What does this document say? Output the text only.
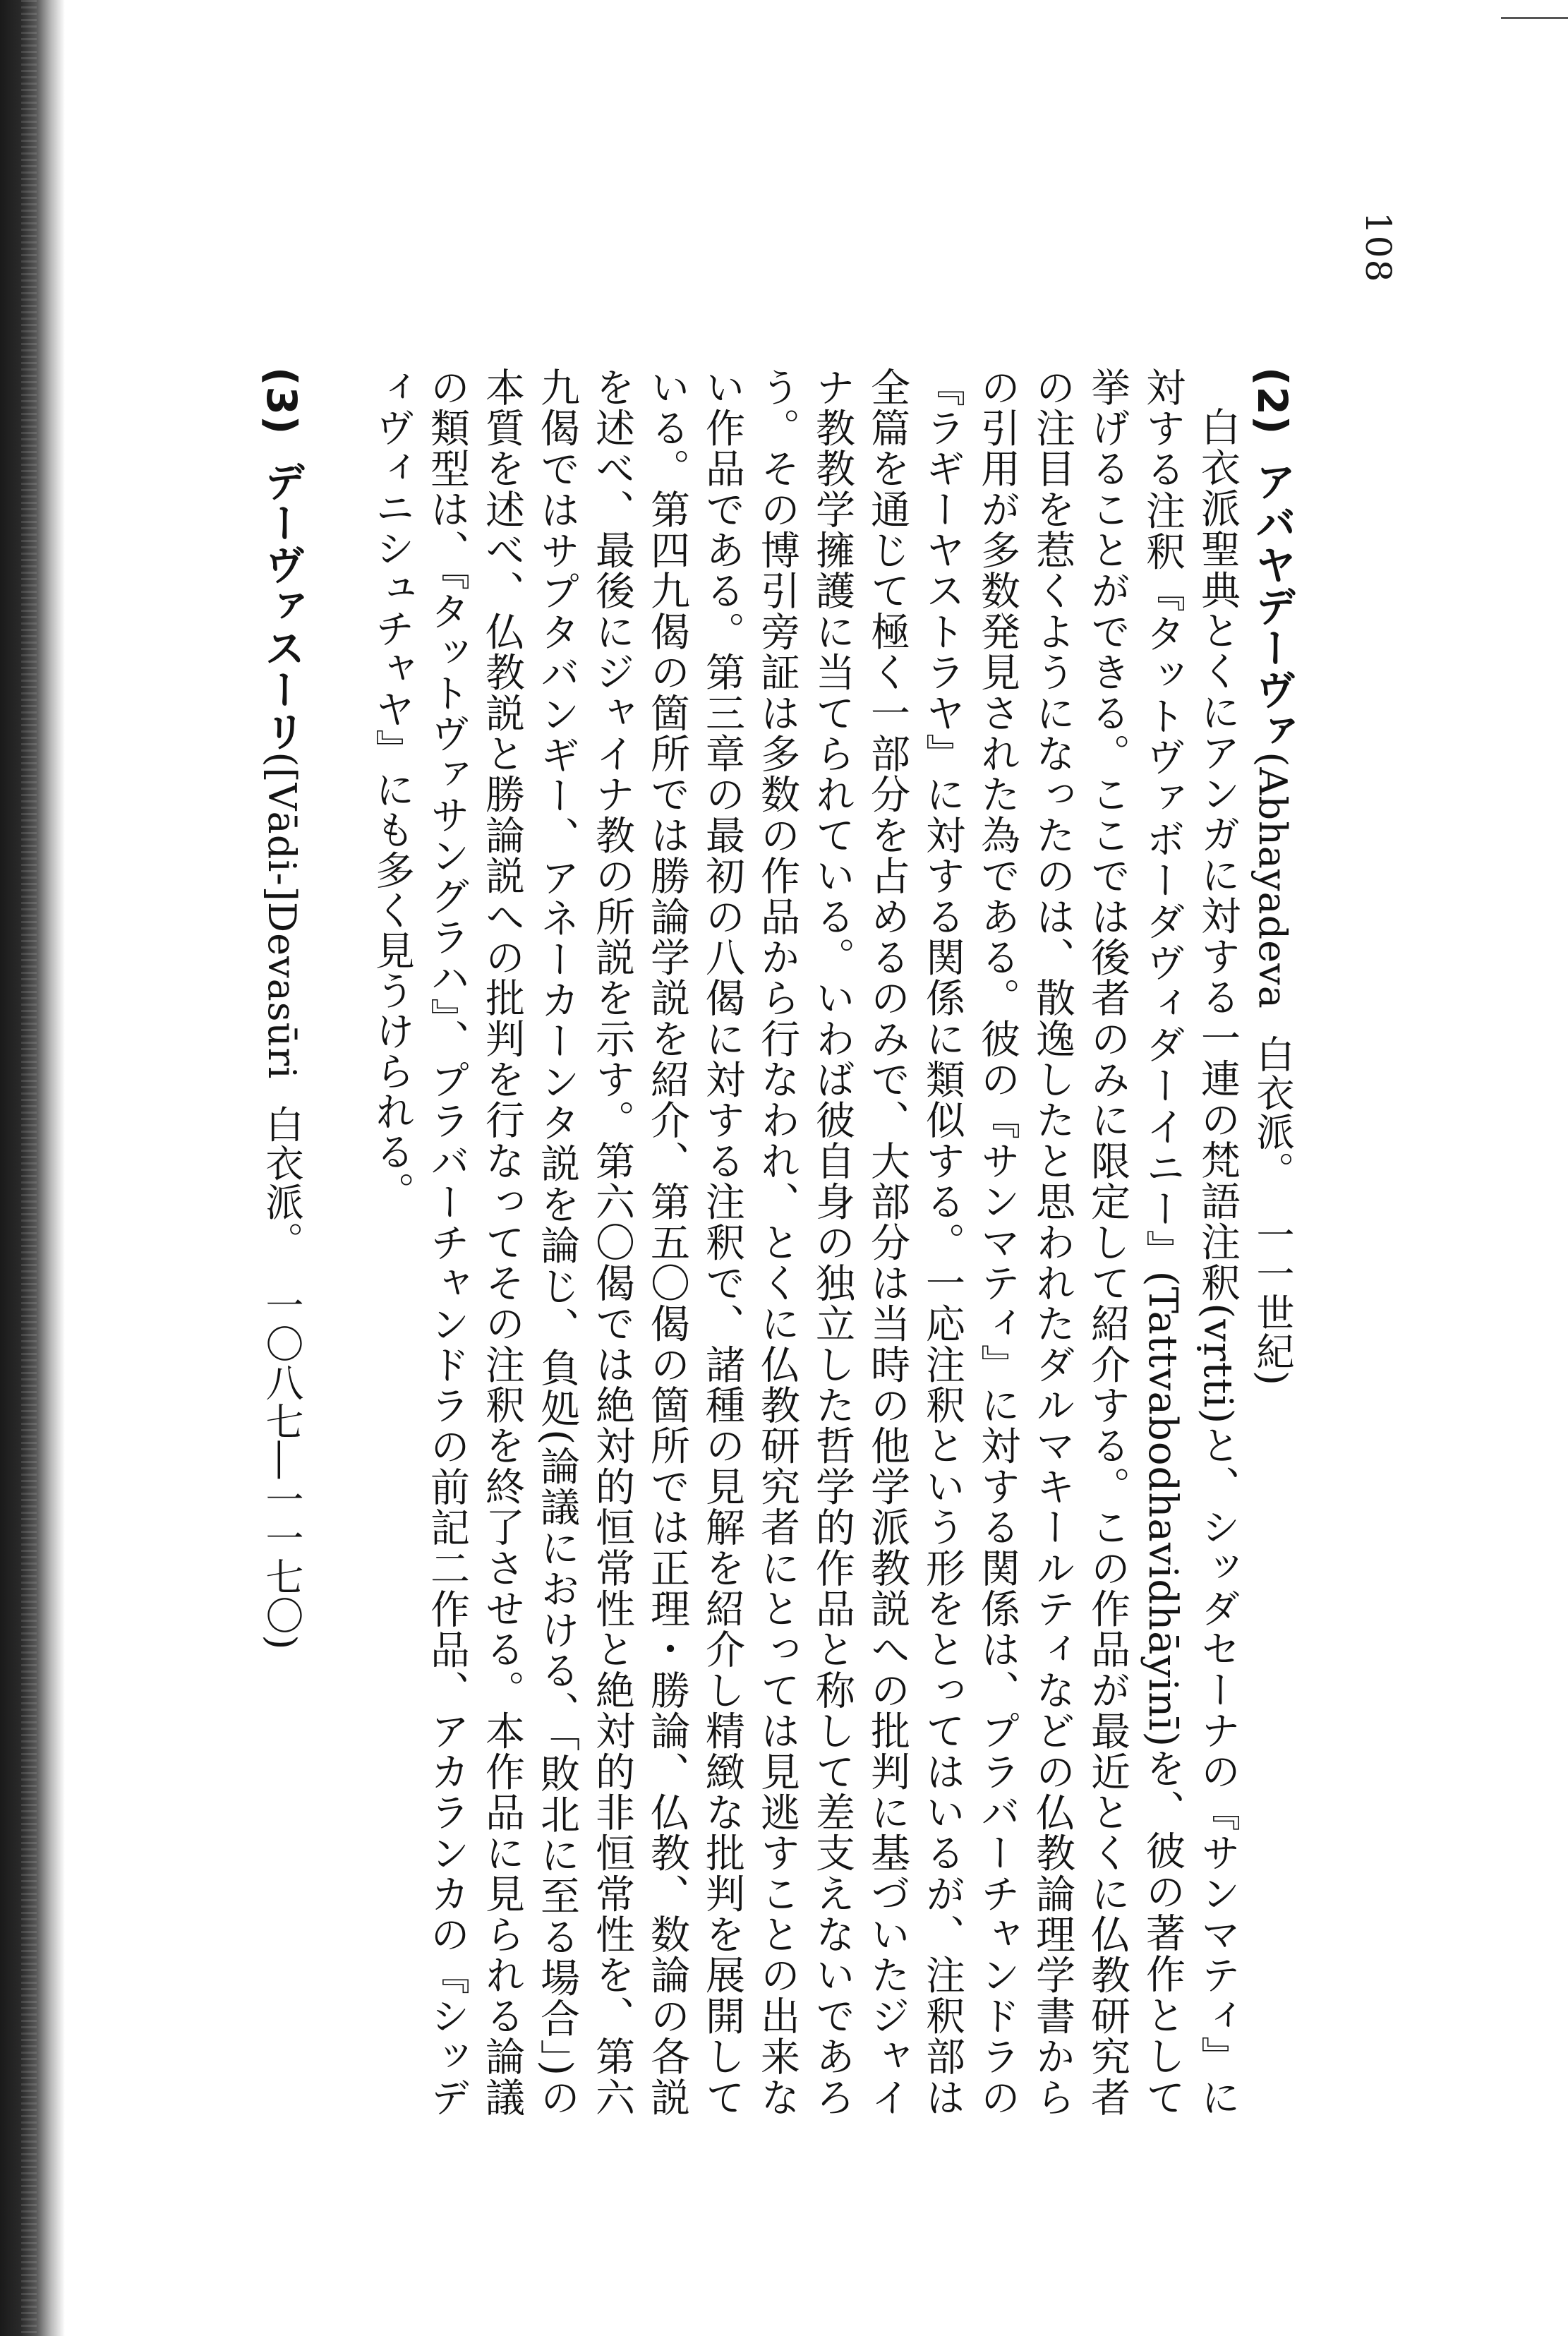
108
(2)アバヤデーヴァ(Abhayadeva白衣派。一一世紀)

白衣派聖典とくにアンガに対する一連の梵語注釈(vṛtti)と、シッダセーナの『サンマティ』に対する注釈『タットヴァボーダヴィダーイニー』(Tattvabodhavidhāyinī)を、彼の著作として挙げることができる。ここでは後者のみに限定して紹介する。この作品が最近とくに仏教研究者の注目を惹くようになったのは、散逸したと思われたダルマキールティなどの仏教論理学書からの引用が多数発見された為である。彼の『サンマティ』に対する関係は、プラバーチャンドラの『ラギーヤストラヤ』に対する関係に類似する。一応注釈という形をとってはいるが、注釈部は全篇を通じて極く一部分を占めるのみで、大部分は当時の他学派教説への批判に基づいたジャイナ教教学擁護に当てられている。いわば彼自身の独立した哲学的作品と称して差支えないであろう。その博引旁証は多数の作品から行なわれ、とくに仏教研究者にとっては見逃すことの出来ない作品である。第三章の最初の八偈に対する注釈で、諸種の見解を紹介し精緻な批判を展開している。第四九偈の箇所では勝論学説を紹介、第五〇偈の箇所では正理・勝論、仏教、数論の各説を述べ、最後にジャイナ教の所説を示す。第六〇偈では絶対的恒常性と絶対的非恒常性を、第六九偈ではサプタバンギー、アネーカーンタ説を論じ、負処(論議における、「敗北に至る場合」)の本質を述べ、仏教説と勝論説への批判を行なってその注釈を終了させる。本作品に見られる論議の類型は、『タットヴァサングラハ』、プラバーチャンドラの前記二作品、アカランカの『シッディヴィニシュチャヤ』にも多く見うけられる。

(3)デーヴァスーリ([Vādi-]Devasūri白衣派。一〇八七―一一七〇)
